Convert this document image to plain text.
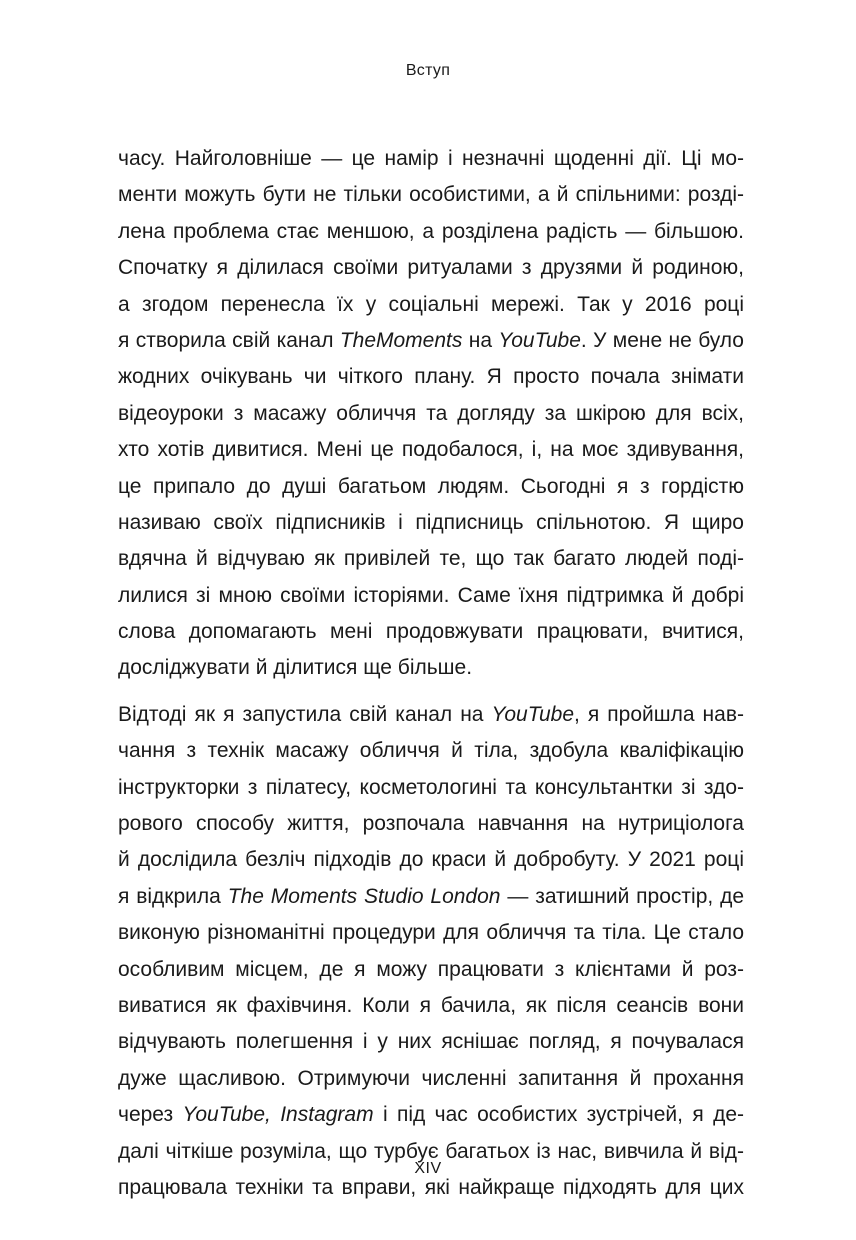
Вступ

часу. Найголовніше — це намір і незначні щоденні дії. Ці мо-
менти можуть бути не тільки особистими, а й спільними: розді-
лена проблема стає меншою, а розділена радість — більшою.
Спочатку я ділилася своїми ритуалами з друзями й родиною,
а згодом перенесла їх у соціальні мережі. Так у 2016 році
я створила свій канал TheMoments на YouTube. У мене не було
жодних очікувань чи чіткого плану. Я просто почала знімати
відеоуроки з масажу обличчя та догляду за шкірою для всіх,
хто хотів дивитися. Мені це подобалося, і, на моє здивування,
це припало до душі багатьом людям. Сьогодні я з гордістю
називаю своїх підписників і підписниць спільнотою. Я щиро
вдячна й відчуваю як привілей те, що так багато людей поді-
лилися зі мною своїми історіями. Саме їхня підтримка й добрі
слова допомагають мені продовжувати працювати, вчитися,
досліджувати й ділитися ще більше.

Відтоді як я запустила свій канал на YouTube, я пройшла нав-
чання з технік масажу обличчя й тіла, здобула кваліфікацію
інструкторки з пілатесу, косметологині та консультантки зі здо-
рового способу життя, розпочала навчання на нутриціолога
й дослідила безліч підходів до краси й добробуту. У 2021 році
я відкрила The Moments Studio London — затишний простір, де
виконую різноманітні процедури для обличчя та тіла. Це стало
особливим місцем, де я можу працювати з клієнтами й роз-
виватися як фахівчиня. Коли я бачила, як після сеансів вони
відчувають полегшення і у них яснішає погляд, я почувалася
дуже щасливою. Отримуючи численні запитання й прохання
через YouTube, Instagram і під час особистих зустрічей, я де-
далі чіткіше розуміла, що турбує багатьох із нас, вивчила й від-
працювала техніки та вправи, які найкраще підходять для цих

XIV
